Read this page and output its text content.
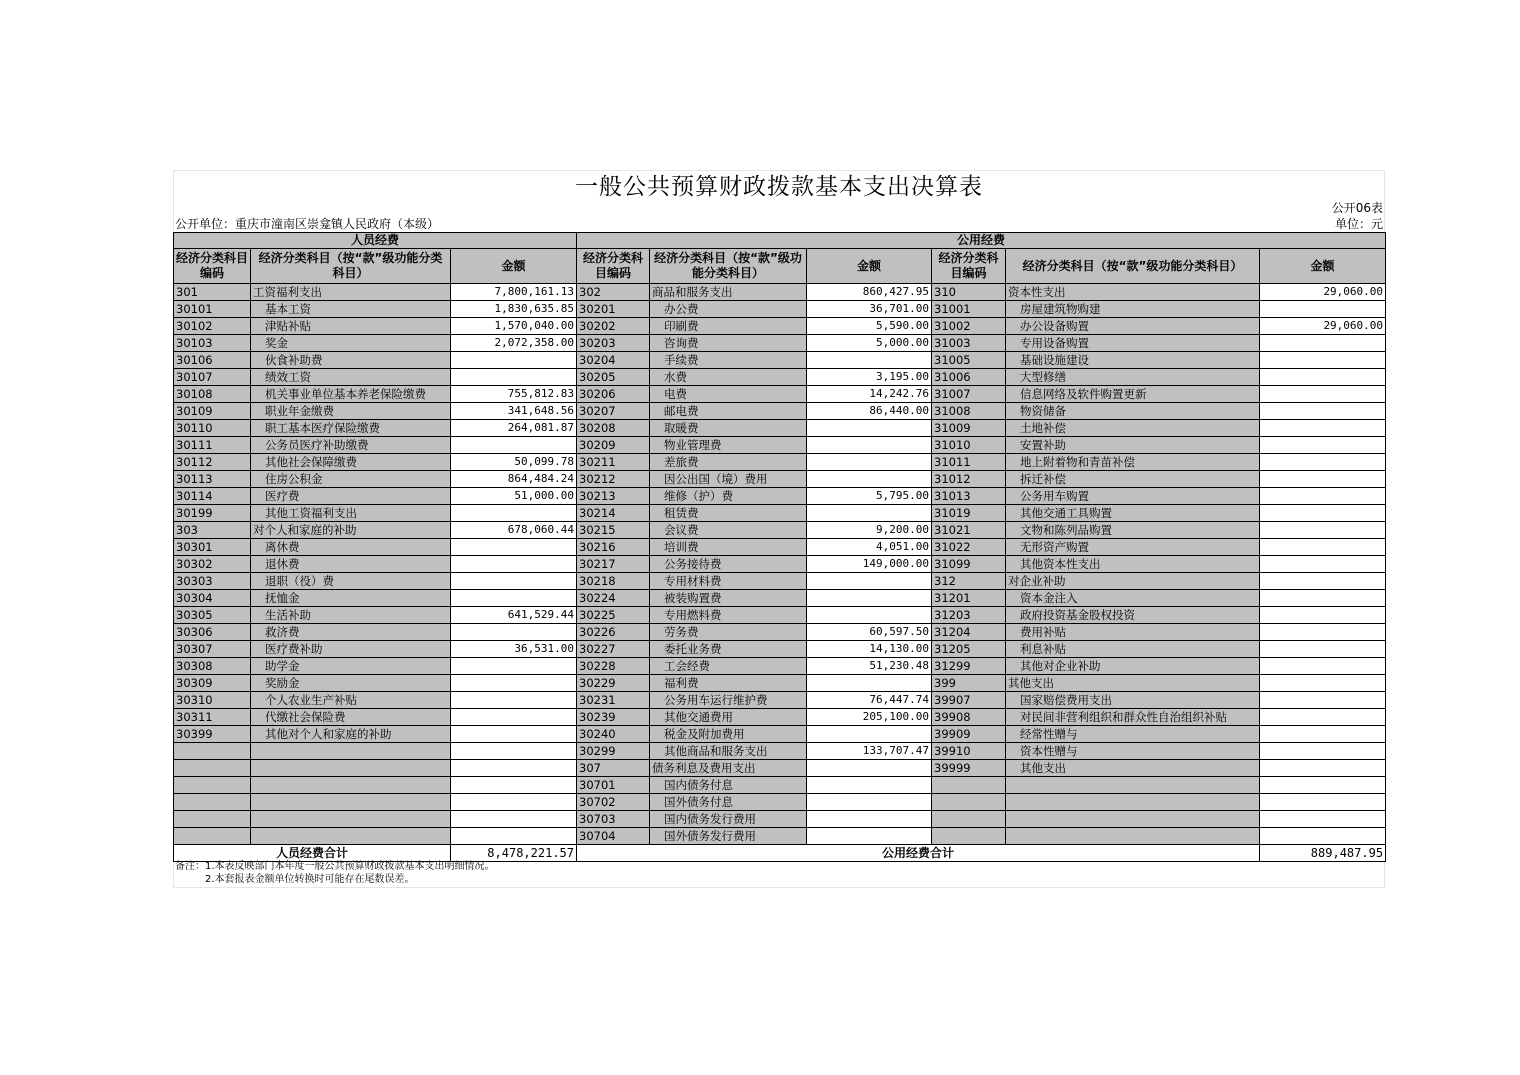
一般公共预算财政拨款基本支出决算表
公开06表
公开单位：重庆市潼南区崇龛镇人民政府（本级）	单位：元
人员经费			公用经费					
经济分类科目编码	经济分类科目（按“款”级功能分类科目）	金额	经济分类科目编码	经济分类科目（按“款”级功能分类科目）	金额	经济分类科目编码	经济分类科目（按“款”级功能分类科目）	金额
301	工资福利支出	7,800,161.13	302	商品和服务支出	860,427.95	310	资本性支出	29,060.00
30101	基本工资	1,830,635.85	30201	办公费	36,701.00	31001	房屋建筑物购建	
30102	津贴补贴	1,570,040.00	30202	印刷费	5,590.00	31002	办公设备购置	29,060.00
30103	奖金	2,072,358.00	30203	咨询费	5,000.00	31003	专用设备购置	
30106	伙食补助费		30204	手续费		31005	基础设施建设	
30107	绩效工资		30205	水费	3,195.00	31006	大型修缮	
30108	机关事业单位基本养老保险缴费	755,812.83	30206	电费	14,242.76	31007	信息网络及软件购置更新	
30109	职业年金缴费	341,648.56	30207	邮电费	86,440.00	31008	物资储备	
30110	职工基本医疗保险缴费	264,081.87	30208	取暖费		31009	土地补偿	
30111	公务员医疗补助缴费		30209	物业管理费		31010	安置补助	
30112	其他社会保障缴费	50,099.78	30211	差旅费		31011	地上附着物和青苗补偿	
30113	住房公积金	864,484.24	30212	因公出国（境）费用		31012	拆迁补偿	
30114	医疗费	51,000.00	30213	维修（护）费	5,795.00	31013	公务用车购置	
30199	其他工资福利支出		30214	租赁费		31019	其他交通工具购置	
303	对个人和家庭的补助	678,060.44	30215	会议费	9,200.00	31021	文物和陈列品购置	
30301	离休费		30216	培训费	4,051.00	31022	无形资产购置	
30302	退休费		30217	公务接待费	149,000.00	31099	其他资本性支出	
30303	退职（役）费		30218	专用材料费		312	对企业补助	
30304	抚恤金		30224	被装购置费		31201	资本金注入	
30305	生活补助	641,529.44	30225	专用燃料费		31203	政府投资基金股权投资	
30306	救济费		30226	劳务费	60,597.50	31204	费用补贴	
30307	医疗费补助	36,531.00	30227	委托业务费	14,130.00	31205	利息补贴	
30308	助学金		30228	工会经费	51,230.48	31299	其他对企业补助	
30309	奖励金		30229	福利费		399	其他支出	
30310	个人农业生产补贴		30231	公务用车运行维护费	76,447.74	39907	国家赔偿费用支出	
30311	代缴社会保险费		30239	其他交通费用	205,100.00	39908	对民间非营利组织和群众性自治组织补贴	
30399	其他对个人和家庭的补助		30240	税金及附加费用		39909	经常性赠与	
			30299	其他商品和服务支出	133,707.47	39910	资本性赠与	
			307	债务利息及费用支出		39999	其他支出	
			30701	国内债务付息				
			30702	国外债务付息				
			30703	国内债务发行费用				
			30704	国外债务发行费用				
人员经费合计		8,478,221.57	公用经费合计					889,487.95
备注：1.本表反映部门本年度一般公共预算财政拨款基本支出明细情况。
2.本套报表金额单位转换时可能存在尾数误差。
